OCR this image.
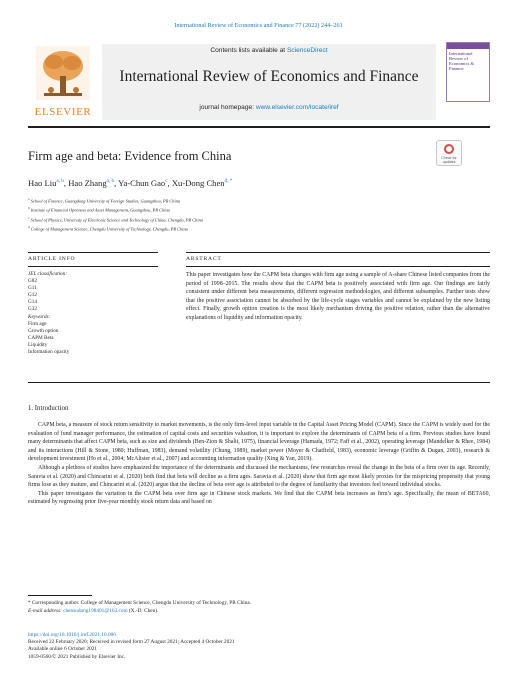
International Review of Economics and Finance 77 (2022) 244–261
ELSEVIER
Contents lists available at ScienceDirect
International Review of Economics and Finance
journal homepage: www.elsevier.com/locate/iref
International Review of Economics & Finance
Firm age and beta: Evidence from China	Check for updates
Hao Liu$^{a, b}$, Hao Zhang$^{a, b}$, Ya-Chun Gao$^c$, Xu-Dong Chen$^{d, *}$
$^a$ School of Finance, Guangdong University of Foreign Studies, Guangzhou, PR China
$^b$ Institute of Financial Openness and Asset Management, Guangzhou, PR China
$^c$ School of Physics, University of Electronic Science and Technology of China, Chengdu, PR China
$^d$ College of Management Science, Chengdu University of Technology, Chengdu, PR China
ARTICLE INFO	ABSTRACT
JEL classification:
G82
G11
G12
G14
G32
Keywords:
Firm age
Growth option
CAPM Beta
Liquidity
Information opacity
This paper investigates how the CAPM beta changes with firm age using a sample of A-share Chinese listed companies from the period of 1998–2015. The results show that the CAPM beta is positively associated with firm age. Our findings are fairly consistent under different beta measurements, different regression methodologies, and different subsamples. Further tests show that the positive association cannot be absorbed by the life-cycle stages variables and cannot be explained by the new listing effect. Finally, growth option creation is the most likely mechanism driving the positive relation, rather than the alternative explanations of liquidity and information opacity.
1. Introduction

CAPM beta, a measure of stock return sensitivity to market movements, is the only firm-level input variable in the Capital Asset Pricing Model (CAPM). Since the CAPM is widely used for the evaluation of fund manager performance, the estimation of capital costs and securities valuation, it is important to explore the determinants of CAPM beta of a firm. Previous studies have found many determinants that affect CAPM beta, such as size and dividends (Ben-Zion & Shalit, 1975), financial leverage (Hamada, 1972; Faff et al., 2002), operating leverage (Mandelker & Rhee, 1984) and its interactions (Hill & Stone, 1980; Huffman, 1983), demand volatility (Chung, 1989), market power (Moyer & Chatfield, 1983), economic leverage (Griffin & Dugan, 2003), research & development investment (Ho et al., 2004; McAlister et al., 2007) and accounting information quality (Xing & Yan, 2019).

Although a plethora of studies have emphasized the importance of the determinants and discussed the mechanisms, few researches reveal the change in the beta of a firm over its age. Recently, Saravia et al. (2020) and Chincarini et al. (2020) both find that beta will decline as a firm ages. Saravia et al. (2020) show that firm age most likely proxies for the mispricing propensity that young firms lose as they mature, and Chincarini et al. (2020) argue that the decline of beta over age is attributed to the degree of familiarity that investors feel toward individual stocks.

This paper investigates the variation in the CAPM beta over firm age in Chinese stock markets. We find that the CAPM beta increases as firm’s age. Specifically, the mean of BETA60, estimated by regressing prior five-year monthly stock return data and based on

* Corresponding author. College of Management Science, Chengdu University of Technology, PR China.
E-mail address: chensudong198401@163.com (X.-D. Chen).
https://doi.org/10.1016/j.iref.2021.10.006
Received 22 February 2020; Received in revised form 27 August 2021; Accepted 4 October 2021
Available online 6 October 2021
1059-0560/© 2021 Published by Elsevier Inc.
